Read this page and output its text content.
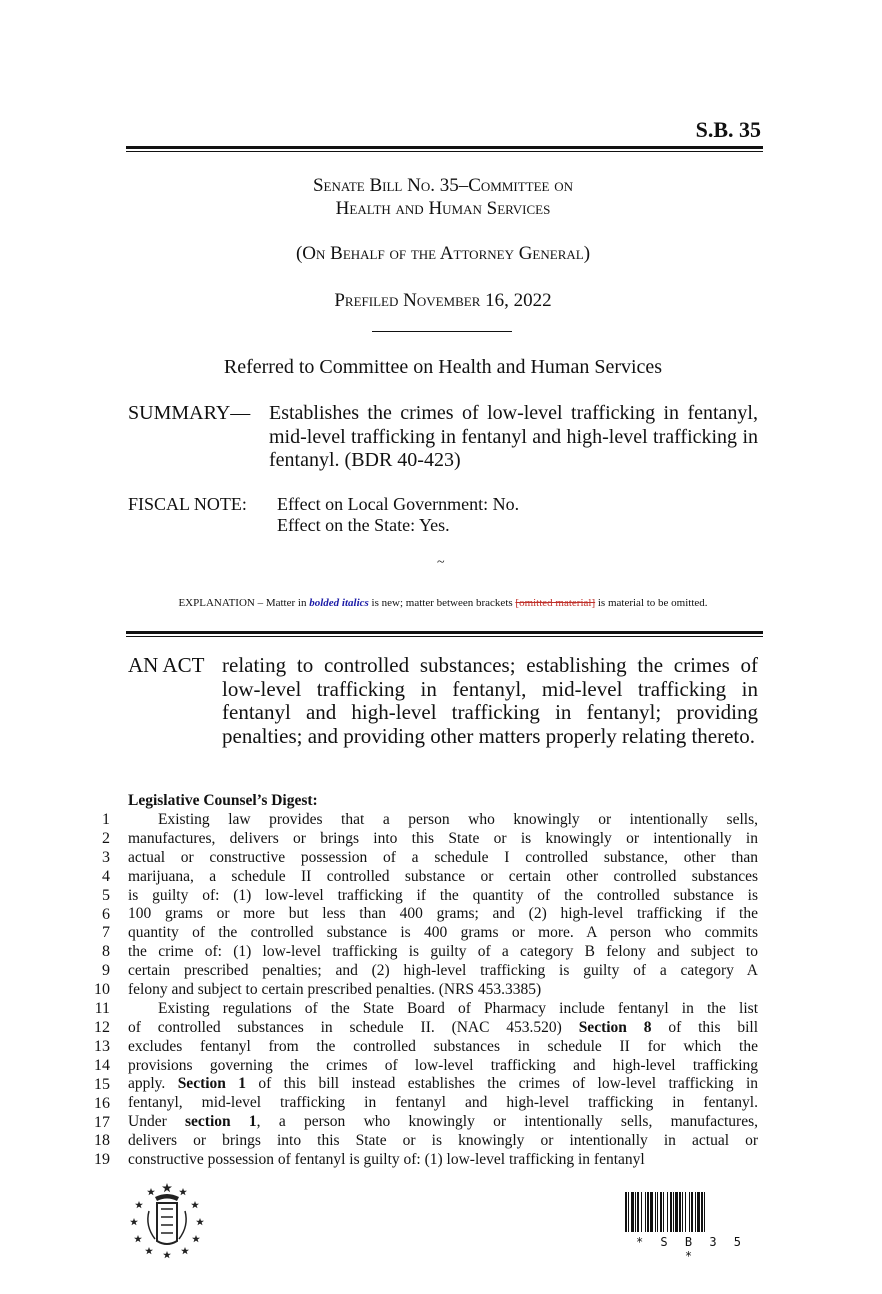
S.B. 35
Senate Bill No. 35–Committee on
Health and Human Services
(On Behalf of the Attorney General)
Prefiled November 16, 2022
Referred to Committee on Health and Human Services
SUMMARY— Establishes the crimes of low-level trafficking in fentanyl, mid-level trafficking in fentanyl and high-level trafficking in fentanyl. (BDR 40-423)
FISCAL NOTE: Effect on Local Government: No.
Effect on the State: Yes.
~
EXPLANATION – Matter in bolded italics is new; matter between brackets [omitted material] is material to be omitted.
AN ACT relating to controlled substances; establishing the crimes of low-level trafficking in fentanyl, mid-level trafficking in fentanyl and high-level trafficking in fentanyl; providing penalties; and providing other matters properly relating thereto.
Legislative Counsel’s Digest:
1
2
3
4
5
6
7
8
9
10
11
12
13
14
15
16
17
18
19
Existing law provides that a person who knowingly or intentionally sells,
manufactures, delivers or brings into this State or is knowingly or intentionally in
actual or constructive possession of a schedule I controlled substance, other than
marijuana, a schedule II controlled substance or certain other controlled substances
is guilty of: (1) low-level trafficking if the quantity of the controlled substance is
100 grams or more but less than 400 grams; and (2) high-level trafficking if the
quantity of the controlled substance is 400 grams or more. A person who commits
the crime of: (1) low-level trafficking is guilty of a category B felony and subject to
certain prescribed penalties; and (2) high-level trafficking is guilty of a category A
felony and subject to certain prescribed penalties. (NRS 453.3385)
Existing regulations of the State Board of Pharmacy include fentanyl in the list
of controlled substances in schedule II. (NAC 453.520) Section 8 of this bill
excludes fentanyl from the controlled substances in schedule II for which the
provisions governing the crimes of low-level trafficking and high-level trafficking
apply. Section 1 of this bill instead establishes the crimes of low-level trafficking in
fentanyl, mid-level trafficking in fentanyl and high-level trafficking in fentanyl.
Under section 1, a person who knowingly or intentionally sells, manufactures,
delivers or brings into this State or is knowingly or intentionally in actual or
constructive possession of fentanyl is guilty of: (1) low-level trafficking in fentanyl
* S B 3 5 *
